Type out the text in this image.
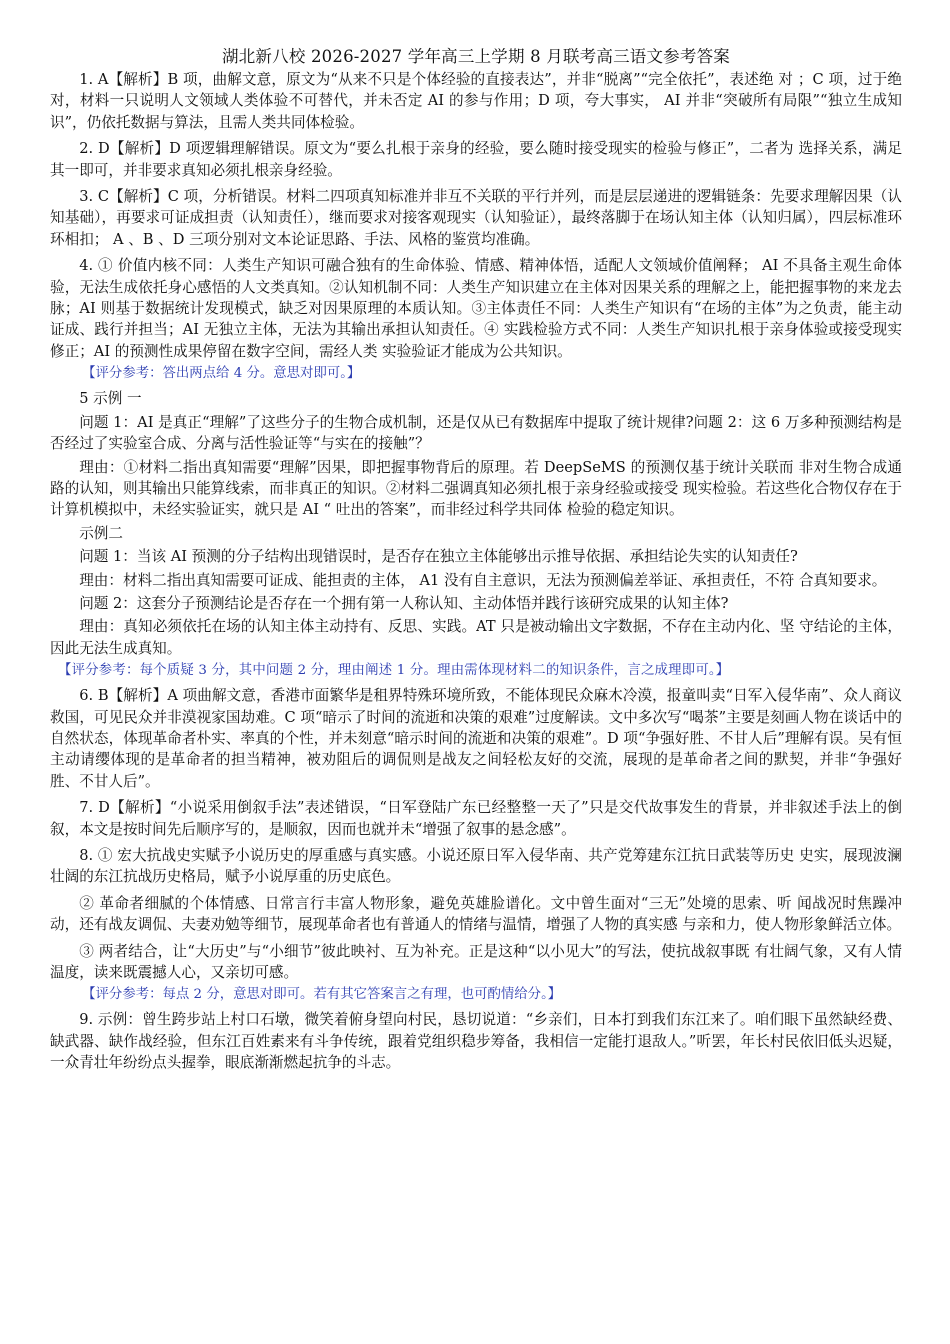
湖北新八校 2026-2027 学年高三上学期 8 月联考高三语文参考答案

1. A【解析】B 项，曲解文意，原文为“从来不只是个体经验的直接表达”，并非“脱离”“完全依托”，表述绝 对 ；C 项，过于绝对，材料一只说明人文领域人类体验不可替代，并未否定 AI 的参与作用；D 项，夸大事实， AI 并非“突破所有局限”“独立生成知识”，仍依托数据与算法，且需人类共同体检验。

2. D【解析】D 项逻辑理解错误。原文为“要么扎根于亲身的经验，要么随时接受现实的检验与修正”，二者为 选择关系，满足其一即可，并非要求真知必须扎根亲身经验。

3. C【解析】C 项，分析错误。材料二四项真知标准并非互不关联的平行并列，而是层层递进的逻辑链条：先要求理解因果（认知基础），再要求可证成担责（认知责任），继而要求对接客观现实（认知验证），最终落脚于在场认知主体（认知归属），四层标准环环相扣； A 、B 、D 三项分别对文本论证思路、手法、风格的鉴赏均准确。

4. ① 价值内核不同：人类生产知识可融合独有的生命体验、情感、精神体悟，适配人文领域价值阐释； AI 不具备主观生命体验，无法生成依托身心感悟的人文类真知。②认知机制不同：人类生产知识建立在主体对因果关系的理解之上，能把握事物的来龙去脉；AI 则基于数据统计发现模式，缺乏对因果原理的本质认知。③主体责任不同：人类生产知识有“在场的主体”为之负责，能主动证成、践行并担当；AI 无独立主体，无法为其输出承担认知责任。④ 实践检验方式不同：人类生产知识扎根于亲身体验或接受现实修正；AI 的预测性成果停留在数字空间，需经人类 实验验证才能成为公共知识。

【评分参考：答出两点给 4 分。意思对即可。】

5 示例 一

问题 1：AI 是真正“理解”了这些分子的生物合成机制，还是仅从已有数据库中提取了统计规律?问题 2：这 6 万多种预测结构是否经过了实验室合成、分离与活性验证等“与实在的接触”？

理由：①材料二指出真知需要“理解”因果，即把握事物背后的原理。若 DeepSeMS 的预测仅基于统计关联而 非对生物合成通路的认知，则其输出只能算线索，而非真正的知识。②材料二强调真知必须扎根于亲身经验或接受 现实检验。若这些化合物仅存在于计算机模拟中，未经实验证实，就只是 AI “ 吐出的答案”，而非经过科学共同体 检验的稳定知识。

示例二

问题 1：当该 AI 预测的分子结构出现错误时，是否存在独立主体能够出示推导依据、承担结论失实的认知责任?

理由：材料二指出真知需要可证成、能担责的主体， A1 没有自主意识，无法为预测偏差举证、承担责任，不符 合真知要求。

问题 2：这套分子预测结论是否存在一个拥有第一人称认知、主动体悟并践行该研究成果的认知主体?

理由：真知必须依托在场的认知主体主动持有、反思、实践。AT 只是被动输出文字数据，不存在主动内化、坚 守结论的主体，因此无法生成真知。

【评分参考：每个质疑 3 分，其中问题 2 分，理由阐述 1 分。理由需体现材料二的知识条件，言之成理即可。】

6. B【解析】A 项曲解文意，香港市面繁华是租界特殊环境所致，不能体现民众麻木冷漠，报童叫卖“日军入侵华南”、众人商议救国，可见民众并非漠视家国劫难。C 项“暗示了时间的流逝和决策的艰难”过度解读。文中多次写“喝茶”主要是刻画人物在谈话中的自然状态，体现革命者朴实、率真的个性，并未刻意“暗示时间的流逝和决策的艰难”。D 项“争强好胜、不甘人后”理解有误。吴有恒主动请缨体现的是革命者的担当精神，被劝阻后的调侃则是战友之间轻松友好的交流，展现的是革命者之间的默契，并非“争强好胜、不甘人后”。

7. D【解析】“小说采用倒叙手法”表述错误，“日军登陆广东已经整整一天了”只是交代故事发生的背景，并非叙述手法上的倒叙，本文是按时间先后顺序写的，是顺叙，因而也就并未“增强了叙事的悬念感”。

8. ① 宏大抗战史实赋予小说历史的厚重感与真实感。小说还原日军入侵华南、共产党筹建东江抗日武装等历史 史实，展现波澜壮阔的东江抗战历史格局，赋予小说厚重的历史底色。

② 革命者细腻的个体情感、日常言行丰富人物形象，避免英雄脸谱化。文中曾生面对“三无”处境的思索、听 闻战况时焦躁冲动，还有战友调侃、夫妻劝勉等细节，展现革命者也有普通人的情绪与温情，增强了人物的真实感 与亲和力，使人物形象鲜活立体。

③ 两者结合，让“大历史”与“小细节”彼此映衬、互为补充。正是这种“以小见大”的写法，使抗战叙事既 有壮阔气象，又有人情温度，读来既震撼人心，又亲切可感。

【评分参考：每点 2 分，意思对即可。若有其它答案言之有理，也可酌情给分。】

9. 示例：曾生跨步站上村口石墩，微笑着俯身望向村民，恳切说道：“乡亲们，日本打到我们东江来了。咱们眼下虽然缺经费、缺武器、缺作战经验，但东江百姓素来有斗争传统，跟着党组织稳步筹备，我相信一定能打退敌人。”听罢，年长村民依旧低头迟疑，一众青壮年纷纷点头握拳，眼底渐渐燃起抗争的斗志。
